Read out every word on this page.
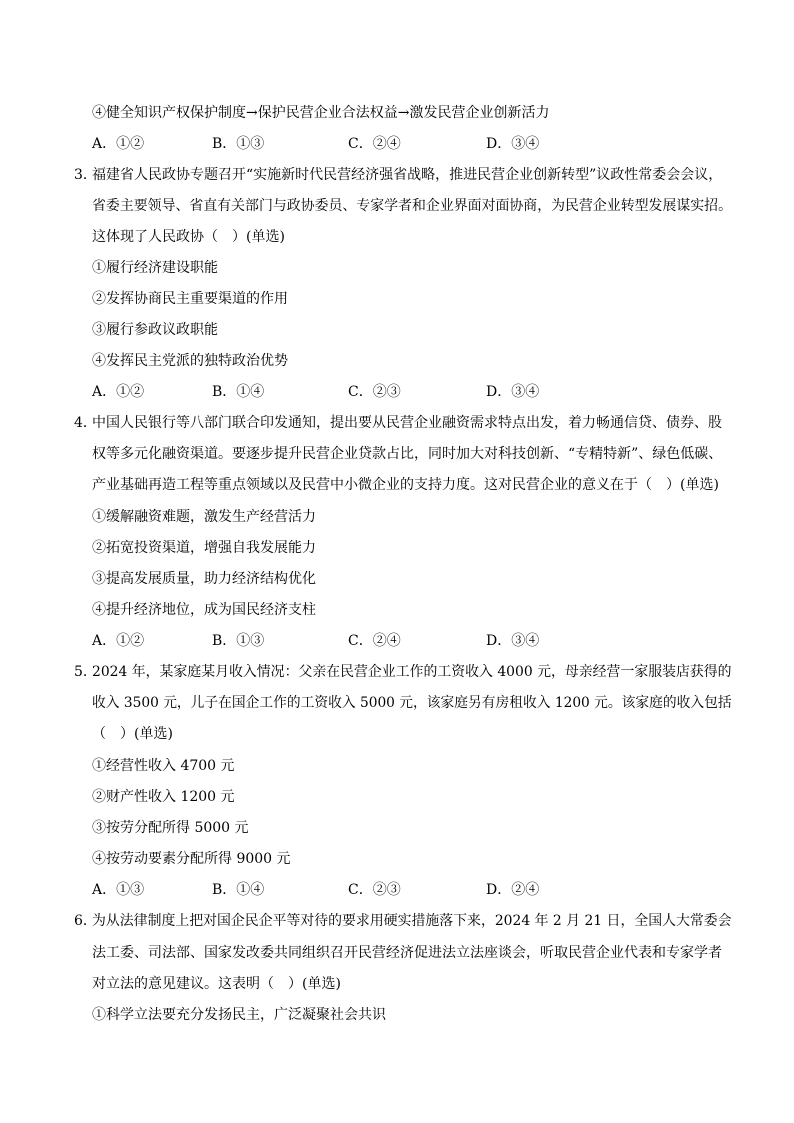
④健全知识产权保护制度→保护民营企业合法权益→激发民营企业创新活力
A．①②	B．①③	C．②④	D．③④
3．
福建省人民政协专题召开“实施新时代民营经济强省战略，推进民营企业创新转型”议政性常委会会议，
省委主要领导、省直有关部门与政协委员、专家学者和企业界面对面协商，为民营企业转型发展谋实招。
这体现了人民政协（　）(单选)
①履行经济建设职能
②发挥协商民主重要渠道的作用
③履行参政议政职能
④发挥民主党派的独特政治优势
A．①②	B．①④	C．②③	D．③④
4．
中国人民银行等八部门联合印发通知，提出要从民营企业融资需求特点出发，着力畅通信贷、债券、股
权等多元化融资渠道。要逐步提升民营企业贷款占比，同时加大对科技创新、“专精特新”、绿色低碳、
产业基础再造工程等重点领域以及民营中小微企业的支持力度。这对民营企业的意义在于（　）(单选)
①缓解融资难题，激发生产经营活力
②拓宽投资渠道，增强自我发展能力
③提高发展质量，助力经济结构优化
④提升经济地位，成为国民经济支柱
A．①②	B．①③	C．②④	D．③④
5．
2024 年，某家庭某月收入情况：父亲在民营企业工作的工资收入 4000 元，母亲经营一家服装店获得的
收入 3500 元，儿子在国企工作的工资收入 5000 元，该家庭另有房租收入 1200 元。该家庭的收入包括
（　）(单选)
①经营性收入 4700 元
②财产性收入 1200 元
③按劳分配所得 5000 元
④按劳动要素分配所得 9000 元
A．①③	B．①④	C．②③	D．②④
6．
为从法律制度上把对国企民企平等对待的要求用硬实措施落下来，2024 年 2 月 21 日，全国人大常委会
法工委、司法部、国家发改委共同组织召开民营经济促进法立法座谈会，听取民营企业代表和专家学者
对立法的意见建议。这表明（　）(单选)
①科学立法要充分发扬民主，广泛凝聚社会共识
